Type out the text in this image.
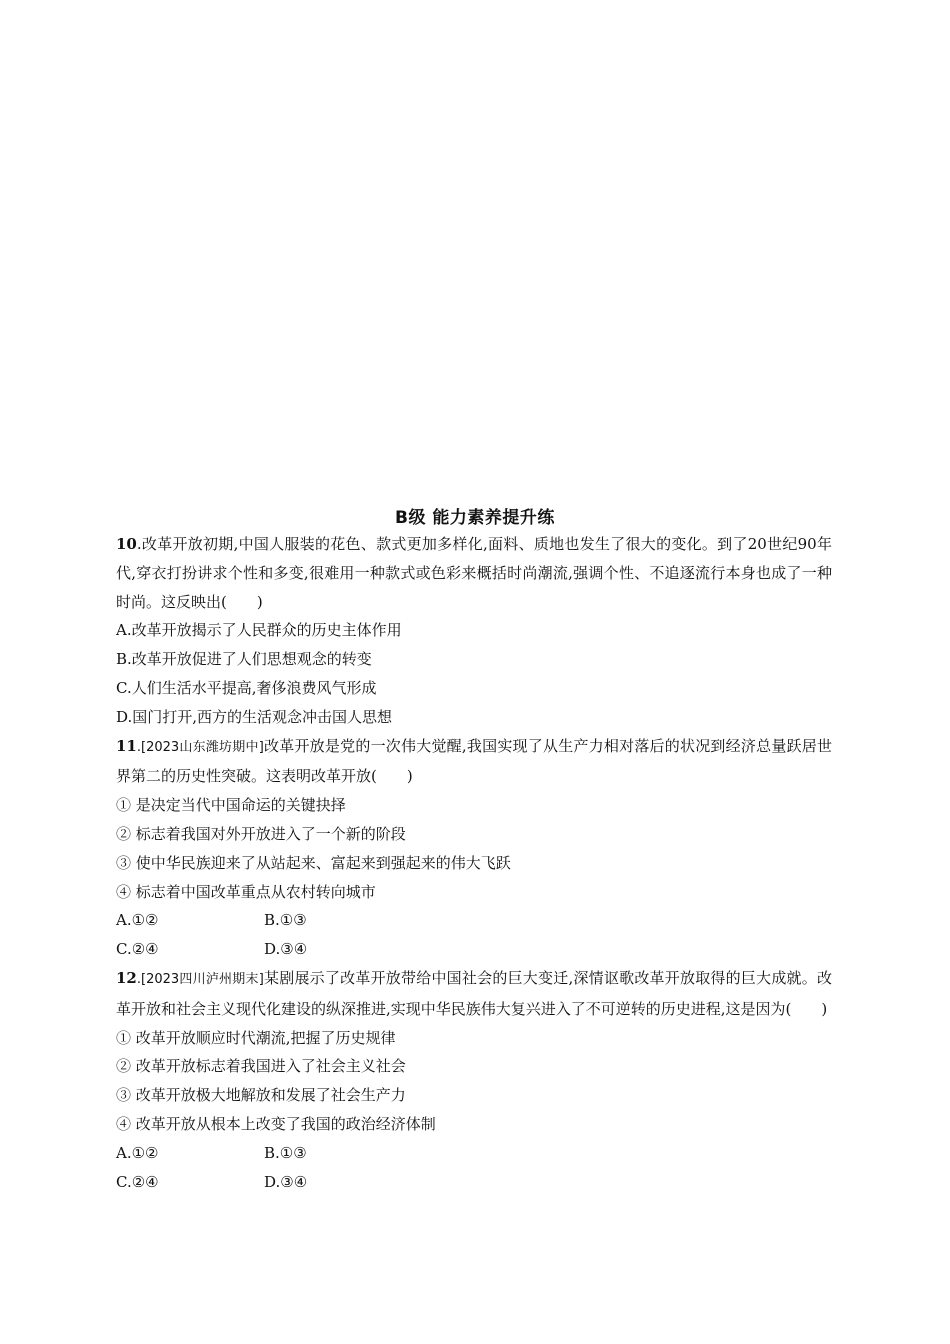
B级 能力素养提升练

10.改革开放初期,中国人服装的花色、款式更加多样化,面料、质地也发生了很大的变化。到了20世纪90年代,穿衣打扮讲求个性和多变,很难用一种款式或色彩来概括时尚潮流,强调个性、不追逐流行本身也成了一种时尚。这反映出(　　)

A.改革开放揭示了人民群众的历史主体作用

B.改革开放促进了人们思想观念的转变

C.人们生活水平提高,奢侈浪费风气形成

D.国门打开,西方的生活观念冲击国人思想

11.[2023山东潍坊期中]改革开放是党的一次伟大觉醒,我国实现了从生产力相对落后的状况到经济总量跃居世界第二的历史性突破。这表明改革开放(　　)

① 是决定当代中国命运的关键抉择

② 标志着我国对外开放进入了一个新的阶段

③ 使中华民族迎来了从站起来、富起来到强起来的伟大飞跃

④ 标志着中国改革重点从农村转向城市

A.①②	B.①③

C.②④	D.③④

12.[2023四川泸州期末]某剧展示了改革开放带给中国社会的巨大变迁,深情讴歌改革开放取得的巨大成就。改革开放和社会主义现代化建设的纵深推进,实现中华民族伟大复兴进入了不可逆转的历史进程,这是因为(　　)

① 改革开放顺应时代潮流,把握了历史规律

② 改革开放标志着我国进入了社会主义社会

③ 改革开放极大地解放和发展了社会生产力

④ 改革开放从根本上改变了我国的政治经济体制

A.①②	B.①③

C.②④	D.③④
